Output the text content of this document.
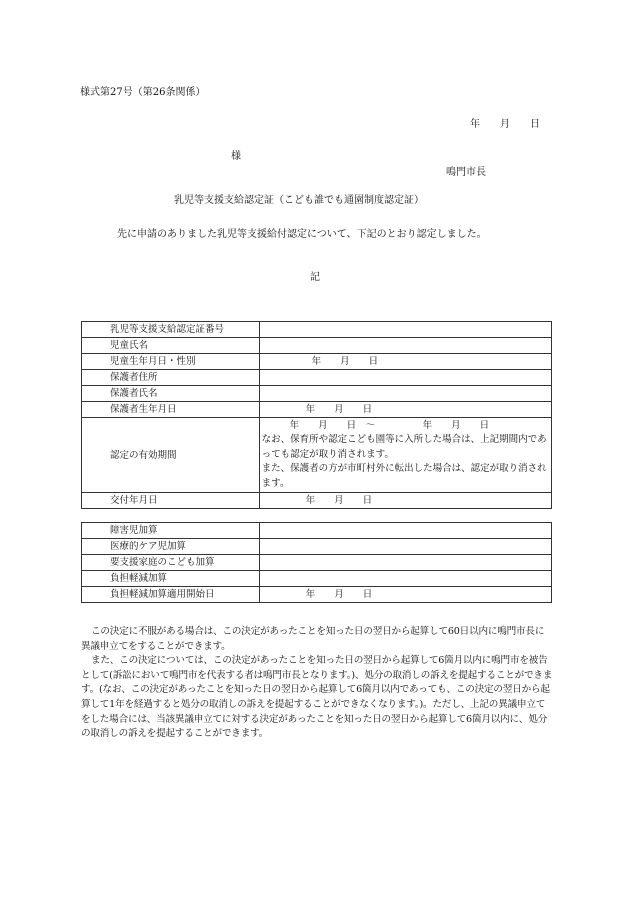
様式第27号（第26条関係）
年　　月　　日
様
鳴門市長
乳児等支援支給認定証（こども誰でも通園制度認定証）
先に申請のありました乳児等支援給付認定について、下記のとおり認定しました。
記
乳児等支援支給認定証番号	
児童氏名	
児童生年月日・性別	年　　月　　日
保護者住所	
保護者氏名	
保護者生年月日	年　　月　　日
認定の有効期間	年　　月　　日　～　　　　　年　　月　　日
なお、保育所や認定こども園等に入所した場合は、上記期間内であっても認定が取り消されます。
また、保護者の方が市町村外に転出した場合は、認定が取り消されます。

交付年月日	年　　月　　日
障害児加算	
医療的ケア児加算	
要支援家庭のこども加算	
負担軽減加算	
負担軽減加算適用開始日	年　　月　　日

この決定に不服がある場合は、この決定があったことを知った日の翌日から起算して60日以内に鳴門市長に異議申立てをすることができます。

また、この決定については、この決定があったことを知った日の翌日から起算して6箇月以内に鳴門市を被告として(訴訟において鳴門市を代表する者は鳴門市長となります。)、処分の取消しの訴えを提起することができます。(なお、この決定があったことを知った日の翌日から起算して6箇月以内であっても、この決定の翌日から起算して1年を経過すると処分の取消しの訴えを提起することができなくなります。)。ただし、上記の異議申立てをした場合には、当該異議申立てに対する決定があったことを知った日の翌日から起算して6箇月以内に、処分の取消しの訴えを提起することができます。
